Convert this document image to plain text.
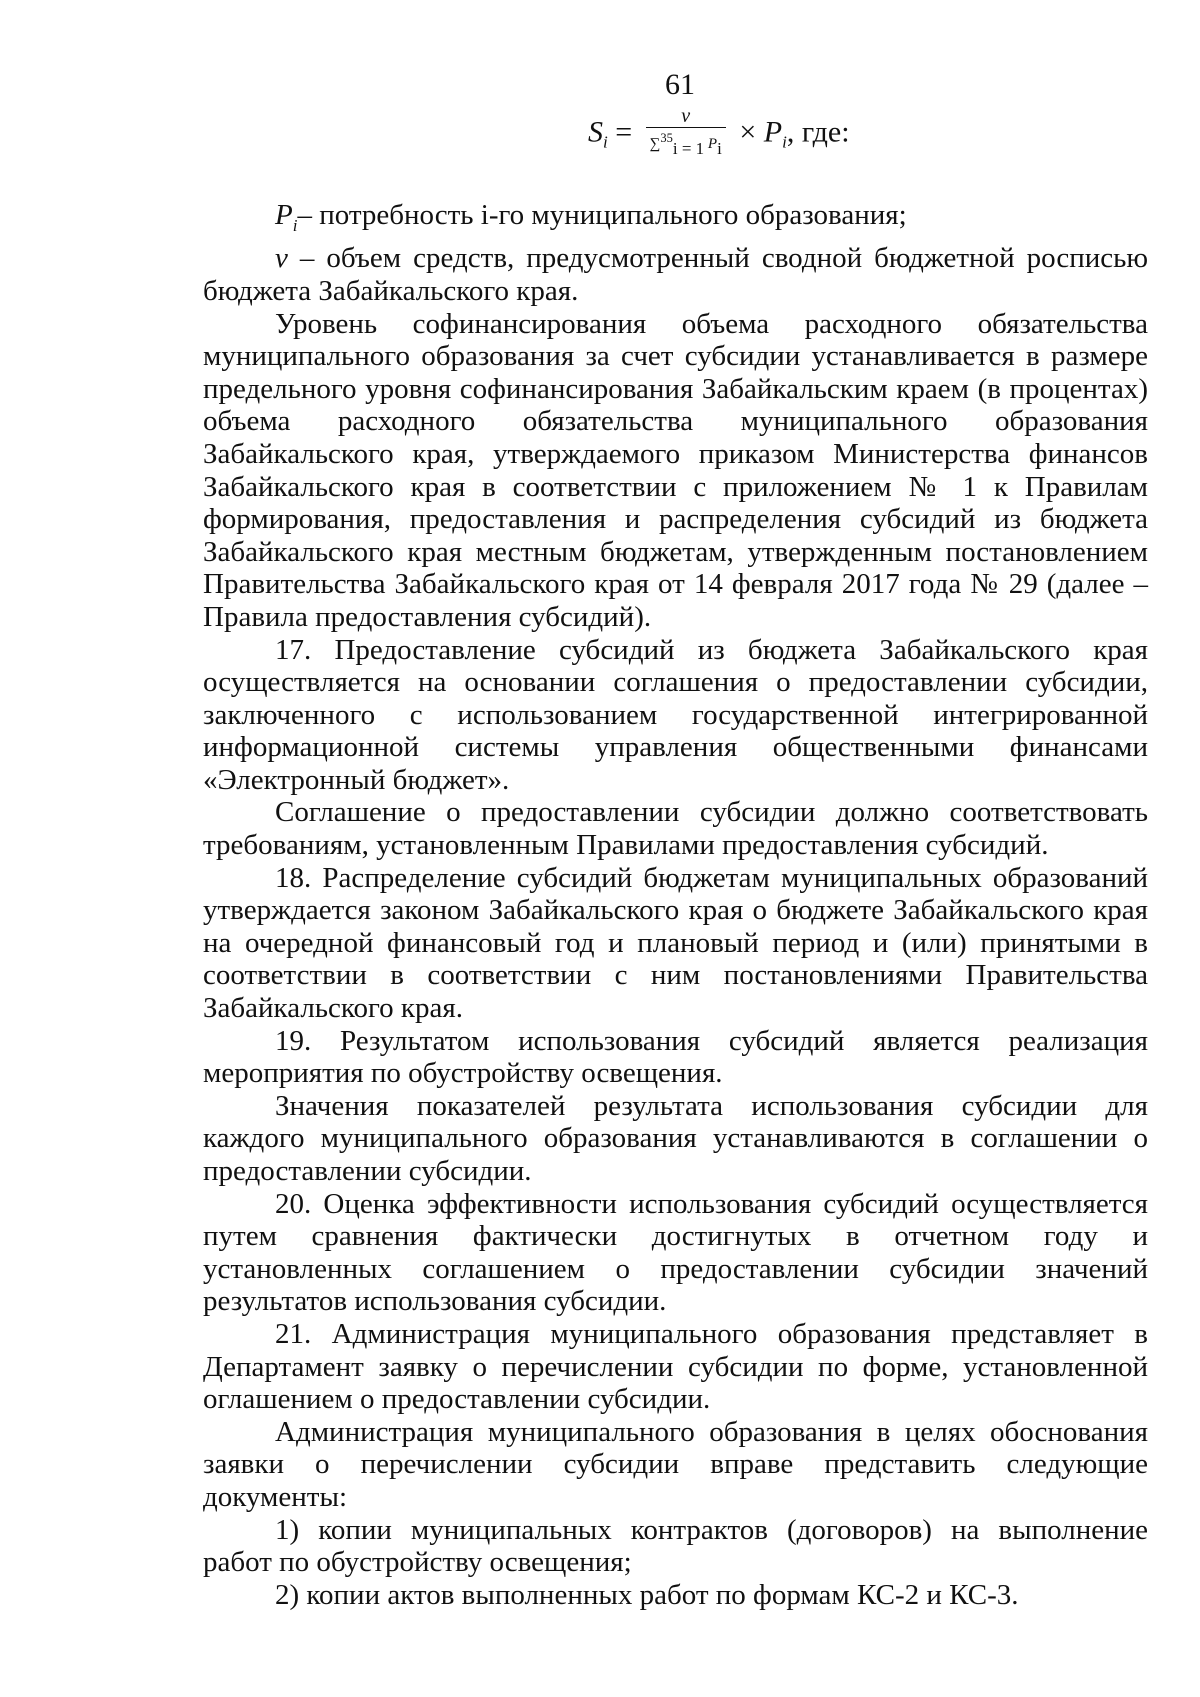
61
$S_i = \frac{v}{\sum^{35}_{i = 1} P_i} \times P_i$, где:

$P_i-$ потребность i-го муниципального образования;

v – объем средств, предусмотренный сводной бюджетной росписью бюджета Забайкальского края.

Уровень софинансирования объема расходного обязательства муниципального образования за счет субсидии устанавливается в размере предельного уровня софинансирования Забайкальским краем (в процентах) объема расходного обязательства муниципального образования Забайкальского края, утверждаемого приказом Министерства финансов Забайкальского края в соответствии с приложением № 1 к Правилам формирования, предоставления и распределения субсидий из бюджета Забайкальского края местным бюджетам, утвержденным постановлением Правительства Забайкальского края от 14 февраля 2017 года № 29 (далее – Правила предоставления субсидий).

17. Предоставление субсидий из бюджета Забайкальского края осуществляется на основании соглашения о предоставлении субсидии, заключенного с использованием государственной интегрированной информационной системы управления общественными финансами «Электронный бюджет».

Соглашение о предоставлении субсидии должно соответствовать требованиям, установленным Правилами предоставления субсидий.

18. Распределение субсидий бюджетам муниципальных образований утверждается законом Забайкальского края о бюджете Забайкальского края на очередной финансовый год и плановый период и (или) принятыми в соответствии в соответствии с ним постановлениями Правительства Забайкальского края.

19. Результатом использования субсидий является реализация мероприятия по обустройству освещения.

Значения показателей результата использования субсидии для каждого муниципального образования устанавливаются в соглашении о предоставлении субсидии.

20. Оценка эффективности использования субсидий осуществляется путем сравнения фактически достигнутых в отчетном году и установленных соглашением о предоставлении субсидии значений результатов использования субсидии.

21. Администрация муниципального образования представляет в Департамент заявку о перечислении субсидии по форме, установленной оглашением о предоставлении субсидии.

Администрация муниципального образования в целях обоснования заявки о перечислении субсидии вправе представить следующие документы:

1) копии муниципальных контрактов (договоров) на выполнение работ по обустройству освещения;

2) копии актов выполненных работ по формам КС-2 и КС-3.
